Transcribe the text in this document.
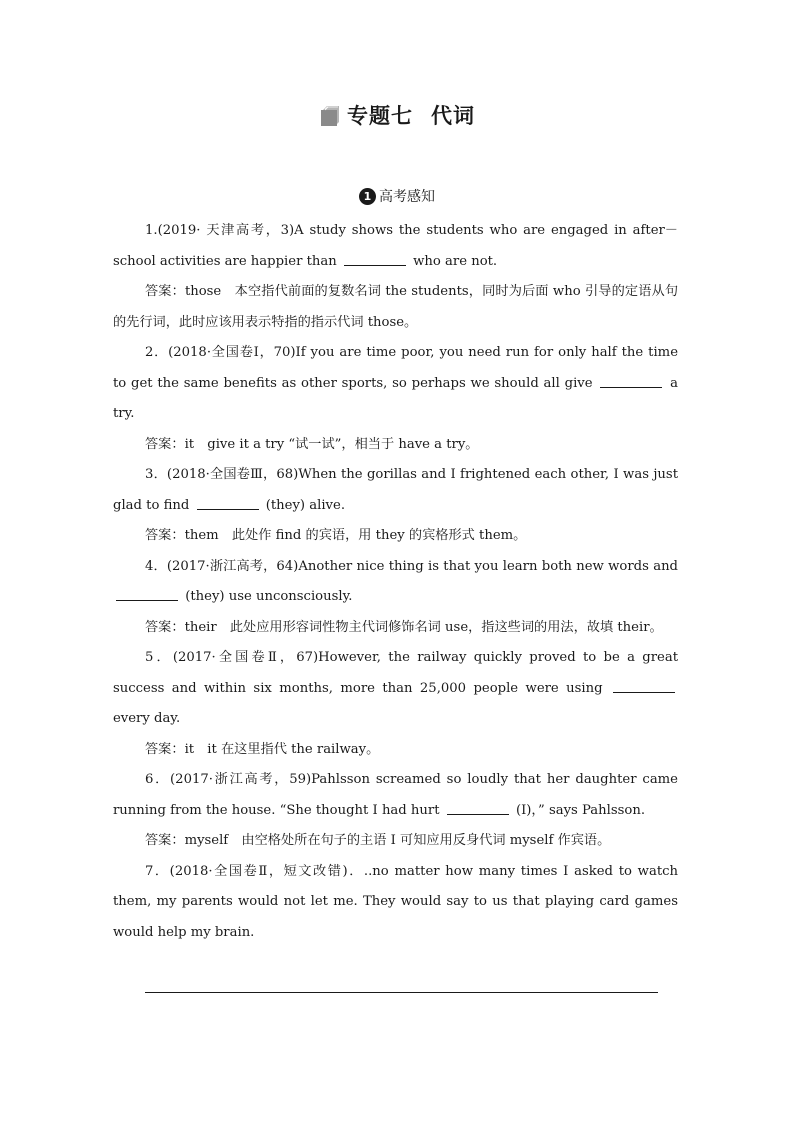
专题七 代词
1 高考感知

1.(2019· 天津高考，3)A study shows the students who are engaged in after－school activities are happier than	who are not.

答案：those　本空指代前面的复数名词 the students，同时为后面 who 引导的定语从句的先行词，此时应该用表示特指的指示代词 those。

2．(2018·全国卷Ⅰ，70)If you are time poor, you need run for only half the time to get the same benefits as other sports, so perhaps we should all give	a try.

答案：it　give it a try “试一试”，相当于 have a try。

3．(2018·全国卷Ⅲ，68)When the gorillas and I frightened each other, I was just glad to find	(they) alive.

答案：them　此处作 find 的宾语，用 they 的宾格形式 them。

4．(2017·浙江高考，64)Another nice thing is that you learn both new words and  (they) use unconsciously.

答案：their　此处应用形容词性物主代词修饰名词 use，指这些词的用法，故填 their。

5．(2017·全国卷Ⅱ，67)However, the railway quickly proved to be a great success and within six months, more than 25,000 people were using  every day.

答案：it　it 在这里指代 the railway。

6．(2017·浙江高考，59)Pahlsson screamed so loudly that her daughter came running from the house. “She thought I had hurt	(I)，” says Pahlsson.

答案：myself　由空格处所在句子的主语 I 可知应用反身代词 myself 作宾语。

7．(2018·全国卷Ⅱ，短文改错)．..no matter how many times I asked to watch them, my parents would not let me. They would say to us that playing card games would help my brain.
